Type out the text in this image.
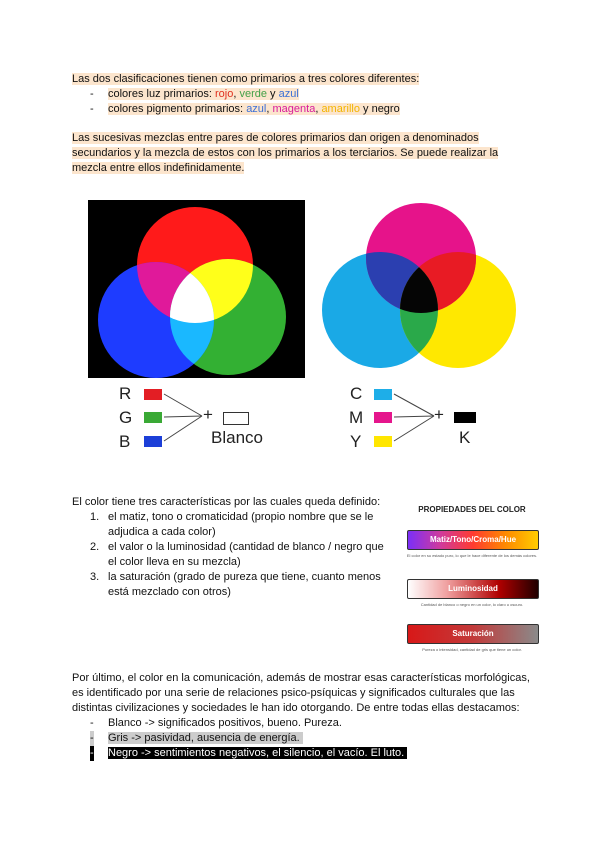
Las dos clasificaciones tienen como primarios a tres colores diferentes:
- colores luz primarios: rojo, verde y azul
- colores pigmento primarios: azul, magenta, amarillo y negro
Las sucesivas mezclas entre pares de colores primarios dan origen a denominados secundarios y la mezcla de estos con los primarios a los terciarios. Se puede realizar la mezcla entre ellos indefinidamente.
R
G
B
+
Blanco
C
M
Y
+
K
El color tiene tres características por las cuales queda definido:
1. el matiz, tono o cromaticidad (propio nombre que se le adjudica a cada color)
2. el valor o la luminosidad (cantidad de blanco / negro que el color lleva en su mezcla)
3. la saturación (grado de pureza que tiene, cuanto menos está mezclado con otros)
PROPIEDADES DEL COLOR
Matiz/Tono/Croma/Hue
El color en su estado puro, lo que le hace diferente de los demás colores.
Luminosidad
Cantidad de blanco o negro en un color, lo claro u oscuro.
Saturación
Pureza o intensidad, cantidad de gris que tiene un color.
Por último, el color en la comunicación, además de mostrar esas características morfológicas, es identificado por una serie de relaciones psico-psíquicas y significados culturales que las distintas civilizaciones y sociedades le han ido otorgando. De entre todas ellas destacamos:
- Blanco -> significados positivos, bueno. Pureza.
- Gris -> pasividad, ausencia de energía.
- Negro -> sentimientos negativos, el silencio, el vacío. El luto.
